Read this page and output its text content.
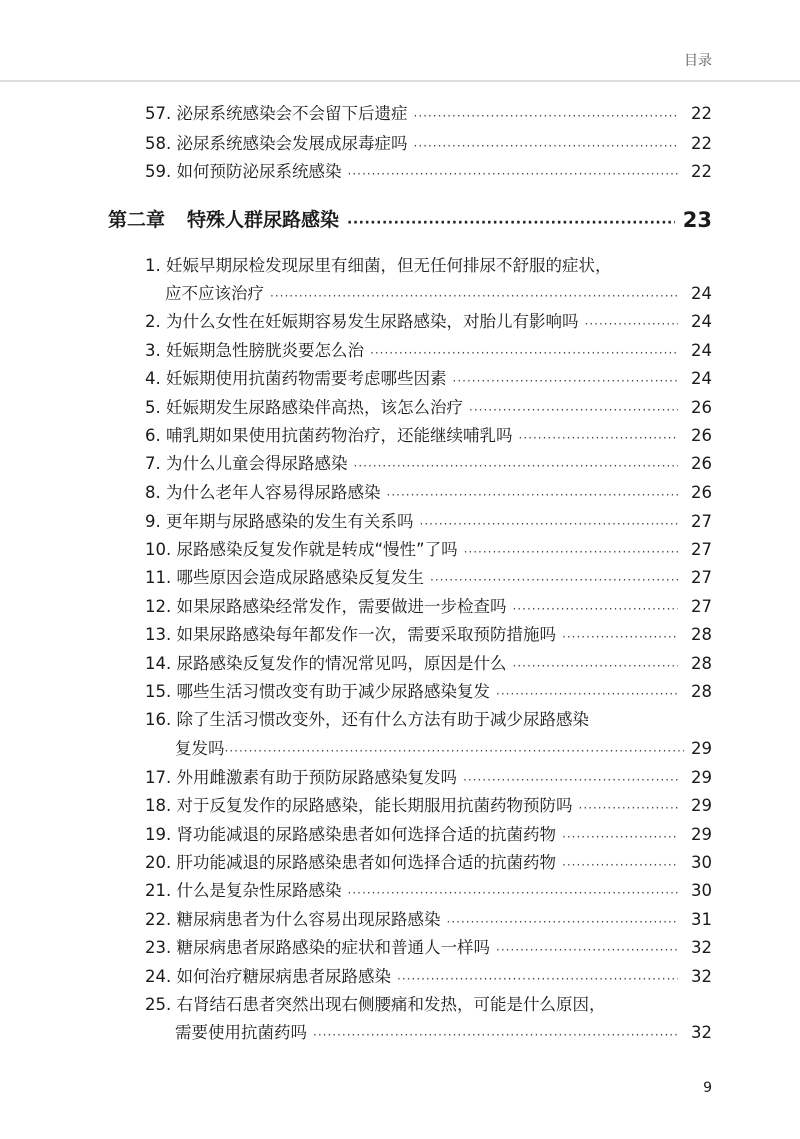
目录
57. 泌尿系统感染会不会留下后遗症 ·····	22
58. 泌尿系统感染会发展成尿毒症吗 ·····	22
59. 如何预防泌尿系统感染 ·····	22
第二章 特殊人群尿路感染 ·····	23
1. 妊娠早期尿检发现尿里有细菌，但无任何排尿不舒服的症状，
应不应该治疗 ·····	24
2. 为什么女性在妊娠期容易发生尿路感染，对胎儿有影响吗 ·····	24
3. 妊娠期急性膀胱炎要怎么治 ·····	24
4. 妊娠期使用抗菌药物需要考虑哪些因素 ·····	24
5. 妊娠期发生尿路感染伴高热，该怎么治疗 ·····	26
6. 哺乳期如果使用抗菌药物治疗，还能继续哺乳吗 ·····	26
7. 为什么儿童会得尿路感染 ·····	26
8. 为什么老年人容易得尿路感染 ·····	26
9. 更年期与尿路感染的发生有关系吗 ·····	27
10. 尿路感染反复发作就是转成“慢性”了吗 ·····	27
11. 哪些原因会造成尿路感染反复发生 ·····	27
12. 如果尿路感染经常发作，需要做进一步检查吗 ·····	27
13. 如果尿路感染每年都发作一次，需要采取预防措施吗 ·····	28
14. 尿路感染反复发作的情况常见吗，原因是什么 ·····	28
15. 哪些生活习惯改变有助于减少尿路感染复发 ·····	28
16. 除了生活习惯改变外，还有什么方法有助于减少尿路感染
复发吗 ·····	29
17. 外用雌激素有助于预防尿路感染复发吗 ·····	29
18. 对于反复发作的尿路感染，能长期服用抗菌药物预防吗 ·····	29
19. 肾功能减退的尿路感染患者如何选择合适的抗菌药物 ·····	29
20. 肝功能减退的尿路感染患者如何选择合适的抗菌药物 ·····	30
21. 什么是复杂性尿路感染 ·····	30
22. 糖尿病患者为什么容易出现尿路感染 ·····	31
23. 糖尿病患者尿路感染的症状和普通人一样吗 ·····	32
24. 如何治疗糖尿病患者尿路感染 ·····	32
25. 右肾结石患者突然出现右侧腰痛和发热，可能是什么原因，
需要使用抗菌药吗 ·····	32
9
